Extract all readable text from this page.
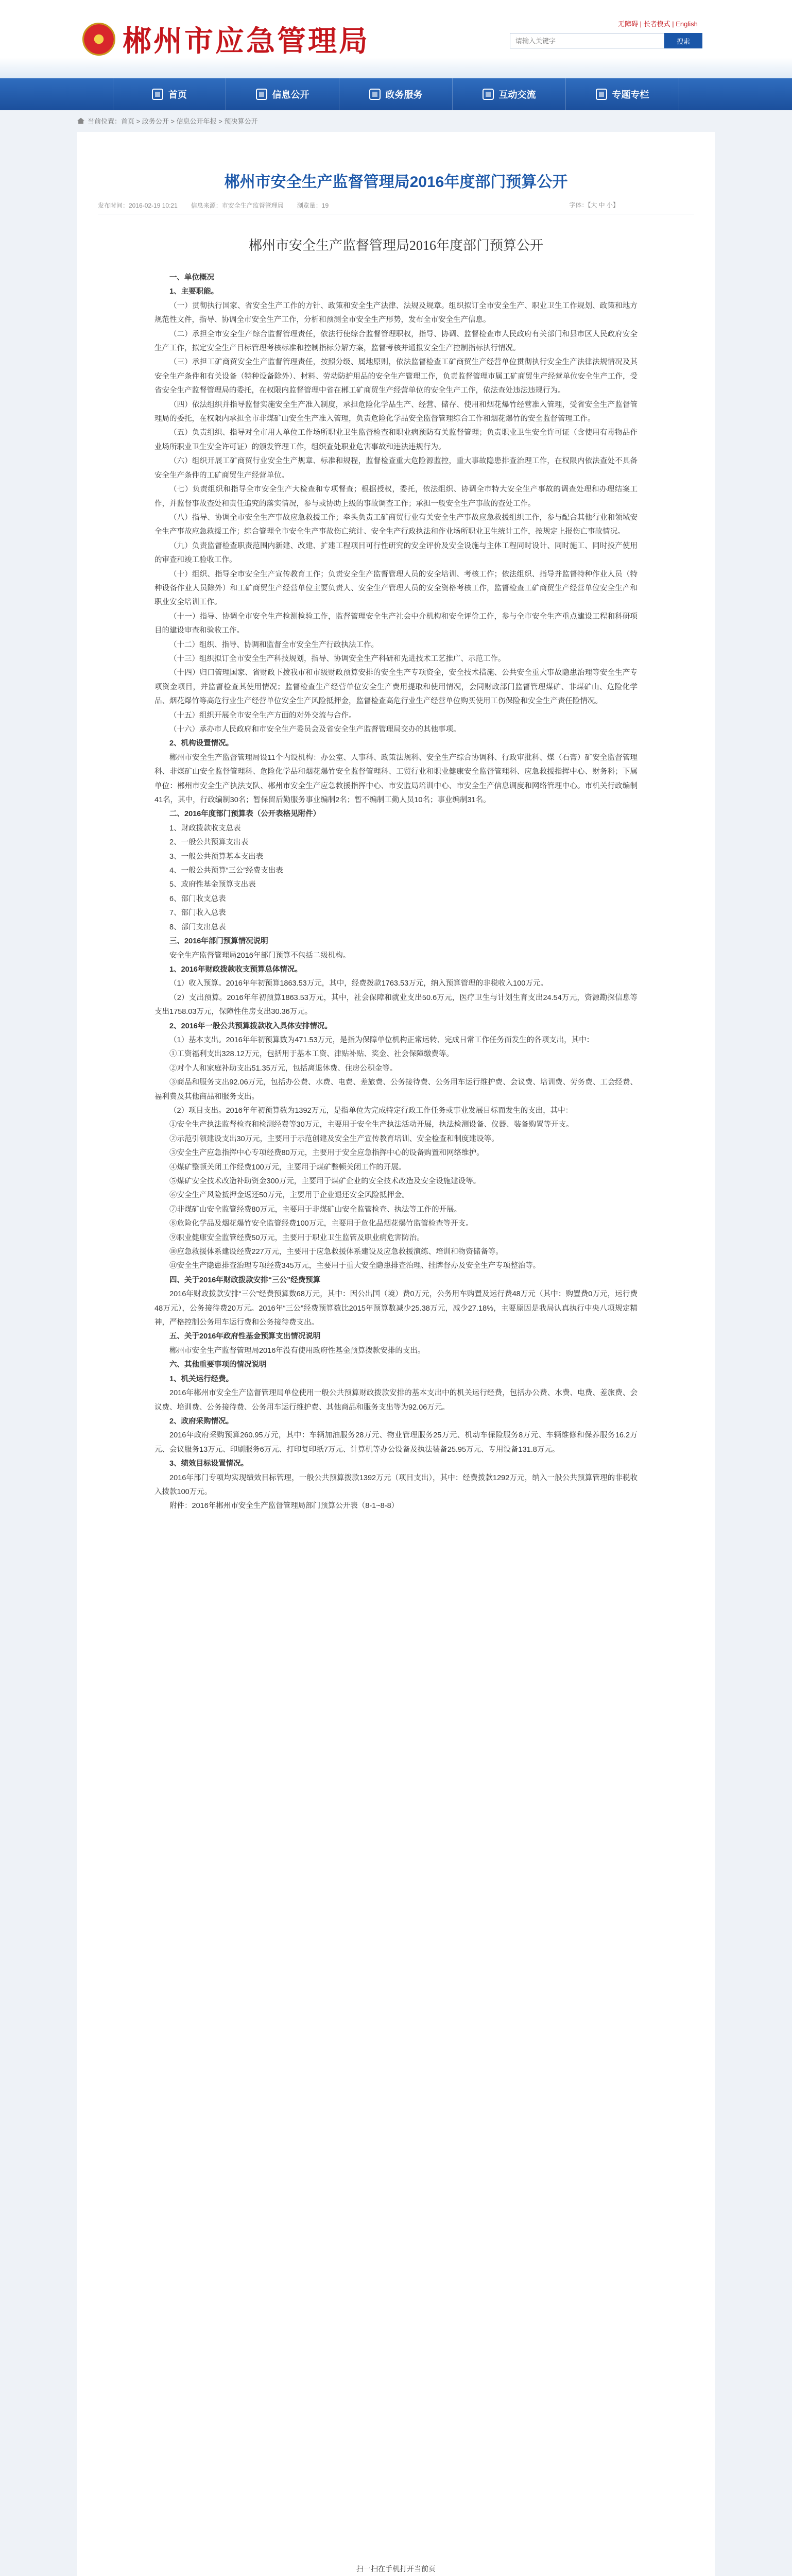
郴州市应急管理局
无障碍 | 长者模式 | English
请输入关键字
搜索
首页	信息公开	政务服务	互动交流	专题专栏
当前位置：首页 > 政务公开 > 信息公开年报 > 预决算公开
郴州市安全生产监督管理局2016年度部门预算公开
发布时间：2016-02-19 10:21 信息来源：市安全生产监督管理局 浏览量：19	字体：【大 中 小】
郴州市安全生产监督管理局2016年度部门预算公开

一、单位概况

1、主要职能。

（一）贯彻执行国家、省安全生产工作的方针、政策和安全生产法律、法规及规章。组织拟订全市安全生产、职业卫生工作规划、政策和地方规范性文件，指导、协调全市安全生产工作，分析和预测全市安全生产形势，发布全市安全生产信息。

（二）承担全市安全生产综合监督管理责任，依法行使综合监督管理职权，指导、协调、监督检查市人民政府有关部门和县市区人民政府安全生产工作，拟定安全生产目标管理考核标准和控制指标分解方案，监督考核并通报安全生产控制指标执行情况。

（三）承担工矿商贸安全生产监督管理责任，按照分级、属地原则，依法监督检查工矿商贸生产经营单位贯彻执行安全生产法律法规情况及其安全生产条件和有关设备（特种设备除外）、材料、劳动防护用品的安全生产管理工作，负责监督管理市属工矿商贸生产经营单位安全生产工作，受省安全生产监督管理局的委托，在权限内监督管理中省在郴工矿商贸生产经营单位的安全生产工作，依法查处违法违规行为。

（四）依法组织并指导监督实施安全生产准入制度，承担危险化学品生产、经营、储存、使用和烟花爆竹经营准入管理，受省安全生产监督管理局的委托，在权限内承担全市非煤矿山安全生产准入管理，负责危险化学品安全监督管理综合工作和烟花爆竹的安全监督管理工作。

（五）负责组织、指导对全市用人单位工作场所职业卫生监督检查和职业病预防有关监督管理；负责职业卫生安全许可证（含使用有毒物品作业场所职业卫生安全许可证）的颁发管理工作，组织查处职业危害事故和违法违规行为。

（六）组织开展工矿商贸行业安全生产规章、标准和规程，监督检查重大危险源监控，重大事故隐患排查治理工作，在权限内依法查处不具备安全生产条件的工矿商贸生产经营单位。

（七）负责组织和指导全市安全生产大检查和专项督查；根据授权，委托，依法组织、协调全市特大安全生产事故的调查处理和办理结案工作，并监督事故查处和责任追究的落实情况，参与或协助上级的事故调查工作；承担一般安全生产事故的查处工作。

（八）指导、协调全市安全生产事故应急救援工作；牵头负责工矿商贸行业有关安全生产事故应急救援组织工作，参与配合其他行业和领域安全生产事故应急救援工作；综合管理全市安全生产事故伤亡统计、安全生产行政执法和作业场所职业卫生统计工作，按规定上报伤亡事故情况。

（九）负责监督检查职责范围内新建、改建、扩建工程项目可行性研究的安全评价及安全设施与主体工程同时设计、同时施工、同时投产使用的审查和竣工验收工作。

（十）组织、指导全市安全生产宣传教育工作；负责安全生产监督管理人员的安全培训、考核工作；依法组织、指导并监督特种作业人员（特种设备作业人员除外）和工矿商贸生产经营单位主要负责人、安全生产管理人员的安全资格考核工作，监督检查工矿商贸生产经营单位安全生产和职业安全培训工作。

（十一）指导、协调全市安全生产检测检验工作，监督管理安全生产社会中介机构和安全评价工作，参与全市安全生产重点建设工程和科研项目的建设审查和验收工作。

（十二）组织、指导、协调和监督全市安全生产行政执法工作。

（十三）组织拟订全市安全生产科技规划，指导、协调安全生产科研和先进技术工艺推广、示范工作。

（十四）归口管理国家、省财政下拨我市和市级财政预算安排的安全生产专项资金，安全技术措施、公共安全重大事故隐患治理等安全生产专项资金项目，并监督检查其使用情况；监督检查生产经营单位安全生产费用提取和使用情况，会同财政部门监督管理煤矿、非煤矿山、危险化学品、烟花爆竹等高危行业生产经营单位安全生产风险抵押金，监督检查高危行业生产经营单位购买使用工伤保险和安全生产责任险情况。

（十五）组织开展全市安全生产方面的对外交流与合作。

（十六）承办市人民政府和市安全生产委员会及省安全生产监督管理局交办的其他事项。

2、机构设置情况。

郴州市安全生产监督管理局设11个内设机构：办公室、人事科、政策法规科、安全生产综合协调科、行政审批科、煤（石膏）矿安全监督管理科、非煤矿山安全监督管理科、危险化学品和烟花爆竹安全监督管理科、工贸行业和职业健康安全监督管理科、应急救援指挥中心、财务科；下属单位：郴州市安全生产执法支队、郴州市安全生产应急救援指挥中心、市安监局培训中心、市安全生产信息调度和网络管理中心。市机关行政编制41名，其中，行政编制30名；暂保留后勤服务事业编制2名；暂不编制工勤人员10名；事业编制31名。

二、2016年度部门预算表（公开表格见附件）

1、财政拨款收支总表

2、一般公共预算支出表

3、一般公共预算基本支出表

4、一般公共预算“三公”经费支出表

5、政府性基金预算支出表

6、部门收支总表

7、部门收入总表

8、部门支出总表

三、2016年部门预算情况说明

安全生产监督管理局2016年部门预算不包括二级机构。

1、2016年财政拨款收支预算总体情况。

（1）收入预算。2016年年初预算1863.53万元，其中，经费拨款1763.53万元，纳入预算管理的非税收入100万元。

（2）支出预算。2016年年初预算1863.53万元，其中，社会保障和就业支出50.6万元，医疗卫生与计划生育支出24.54万元，资源勘探信息等支出1758.03万元，保障性住房支出30.36万元。

2、2016年一般公共预算拨款收入具体安排情况。

（1）基本支出。2016年年初预算数为471.53万元，是指为保障单位机构正常运转、完成日常工作任务而发生的各项支出，其中：

①工资福利支出328.12万元，包括用于基本工资、津贴补贴、奖金、社会保障缴费等。

②对个人和家庭补助支出51.35万元，包括离退休费、住房公积金等。

③商品和服务支出92.06万元，包括办公费、水费、电费、差旅费、公务接待费、公务用车运行维护费、会议费、培训费、劳务费、工会经费、福利费及其他商品和服务支出。

（2）项目支出。2016年年初预算数为1392万元，是指单位为完成特定行政工作任务或事业发展目标而发生的支出，其中：

①安全生产执法监督检查和检测经费等30万元，主要用于安全生产执法活动开展，执法检测设备、仪器、装备购置等开支。

②示范引领建设支出30万元，主要用于示范创建及安全生产宣传教育培训、安全检查和制度建设等。

③安全生产应急指挥中心专项经费80万元，主要用于安全应急指挥中心的设备购置和网络维护。

④煤矿整顿关闭工作经费100万元，主要用于煤矿整顿关闭工作的开展。

⑤煤矿安全技术改造补助资金300万元，主要用于煤矿企业的安全技术改造及安全设施建设等。

⑥安全生产风险抵押金返还50万元，主要用于企业退还安全风险抵押金。

⑦非煤矿山安全监管经费80万元，主要用于非煤矿山安全监管检查、执法等工作的开展。

⑧危险化学品及烟花爆竹安全监管经费100万元，主要用于危化品烟花爆竹监管检查等开支。

⑨职业健康安全监管经费50万元，主要用于职业卫生监管及职业病危害防治。

⑩应急救援体系建设经费227万元，主要用于应急救援体系建设及应急救援演练、培训和物资储备等。

⑪安全生产隐患排查治理专项经费345万元，主要用于重大安全隐患排查治理、挂牌督办及安全生产专项整治等。

四、关于2016年财政拨款安排“三公”经费预算

2016年财政拨款安排“三公”经费预算数68万元，其中：因公出国（境）费0万元，公务用车购置及运行费48万元（其中：购置费0万元，运行费48万元），公务接待费20万元。2016年“三公”经费预算数比2015年预算数减少25.38万元，减少27.18%，主要原因是我局认真执行中央八项规定精神，严格控制公务用车运行费和公务接待费支出。

五、关于2016年政府性基金预算支出情况说明

郴州市安全生产监督管理局2016年没有使用政府性基金预算拨款安排的支出。

六、其他重要事项的情况说明

1、机关运行经费。

2016年郴州市安全生产监督管理局单位使用一般公共预算财政拨款安排的基本支出中的机关运行经费，包括办公费、水费、电费、差旅费、会议费、培训费、公务接待费、公务用车运行维护费、其他商品和服务支出等为92.06万元。

2、政府采购情况。

2016年政府采购预算260.95万元，其中：车辆加油服务28万元、物业管理服务25万元、机动车保险服务8万元、车辆维修和保养服务16.2万元、会议服务13万元、印刷服务6万元、打印复印纸7万元、计算机等办公设备及执法装备25.95万元、专用设备131.8万元。

3、绩效目标设置情况。

2016年部门专项均实现绩效目标管理，一般公共预算拨款1392万元（项目支出），其中：经费拨款1292万元，纳入一般公共预算管理的非税收入拨款100万元。

附件：2016年郴州市安全生产监督管理局部门预算公开表（8-1~8-8）

扫一扫在手机打开当前页
